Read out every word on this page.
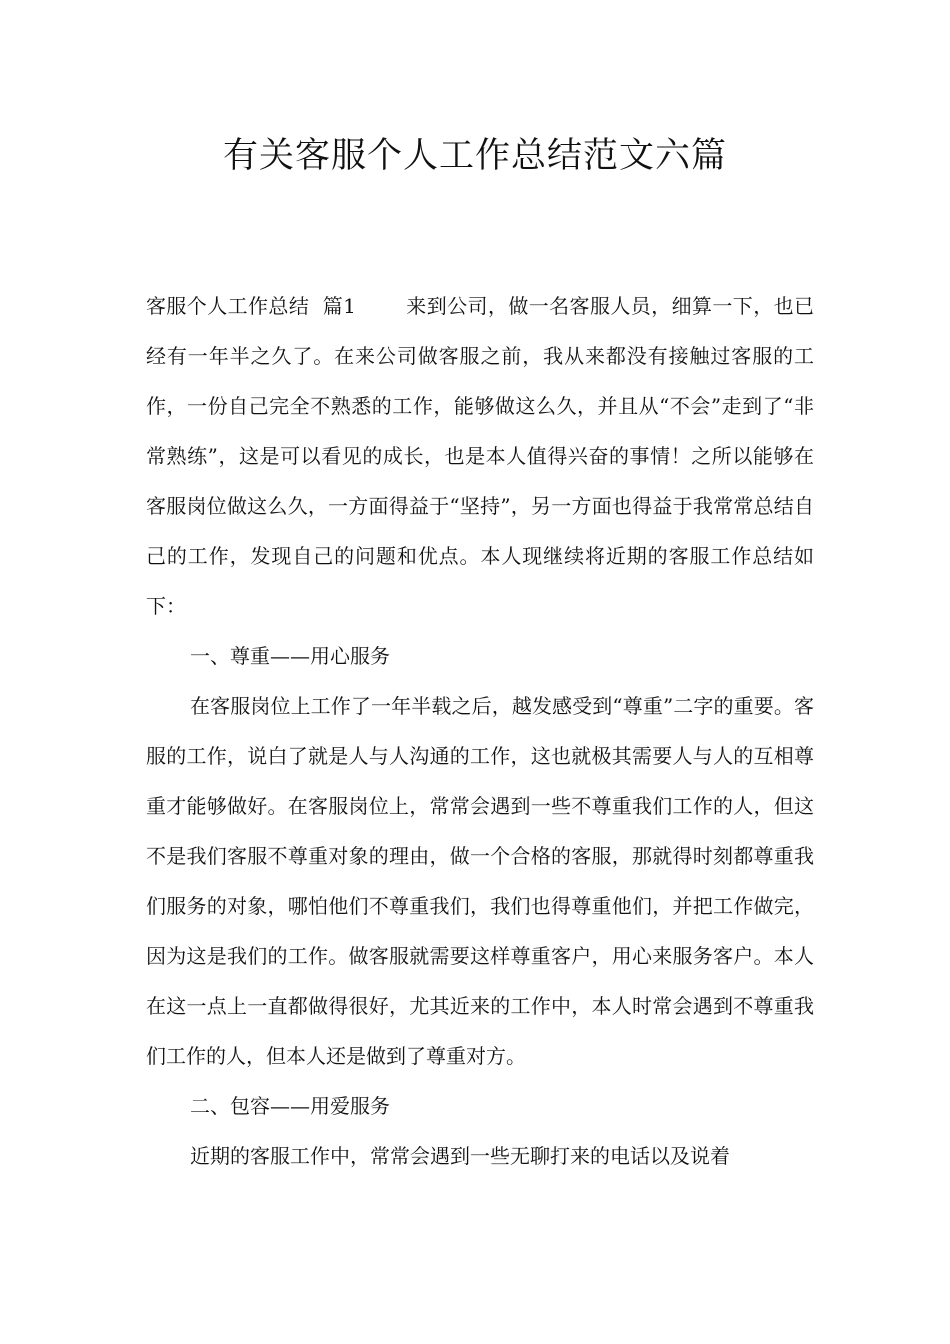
有关客服个人工作总结范文六篇

客服个人工作总结  篇1	来到公司，做一名客服人员，细算一下，也已经有一年半之久了。在来公司做客服之前，我从来都没有接触过客服的工作，一份自己完全不熟悉的工作，能够做这么久，并且从“不会”走到了“非常熟练”，这是可以看见的成长，也是本人值得兴奋的事情！之所以能够在客服岗位做这么久，一方面得益于“坚持”，另一方面也得益于我常常总结自己的工作，发现自己的问题和优点。本人现继续将近期的客服工作总结如下：

一、尊重——用心服务

在客服岗位上工作了一年半载之后，越发感受到“尊重”二字的重要。客服的工作，说白了就是人与人沟通的工作，这也就极其需要人与人的互相尊重才能够做好。在客服岗位上，常常会遇到一些不尊重我们工作的人，但这不是我们客服不尊重对象的理由，做一个合格的客服，那就得时刻都尊重我们服务的对象，哪怕他们不尊重我们，我们也得尊重他们，并把工作做完，因为这是我们的工作。做客服就需要这样尊重客户，用心来服务客户。本人在这一点上一直都做得很好，尤其近来的工作中，本人时常会遇到不尊重我们工作的人，但本人还是做到了尊重对方。

二、包容——用爱服务

近期的客服工作中，常常会遇到一些无聊打来的电话以及说着
